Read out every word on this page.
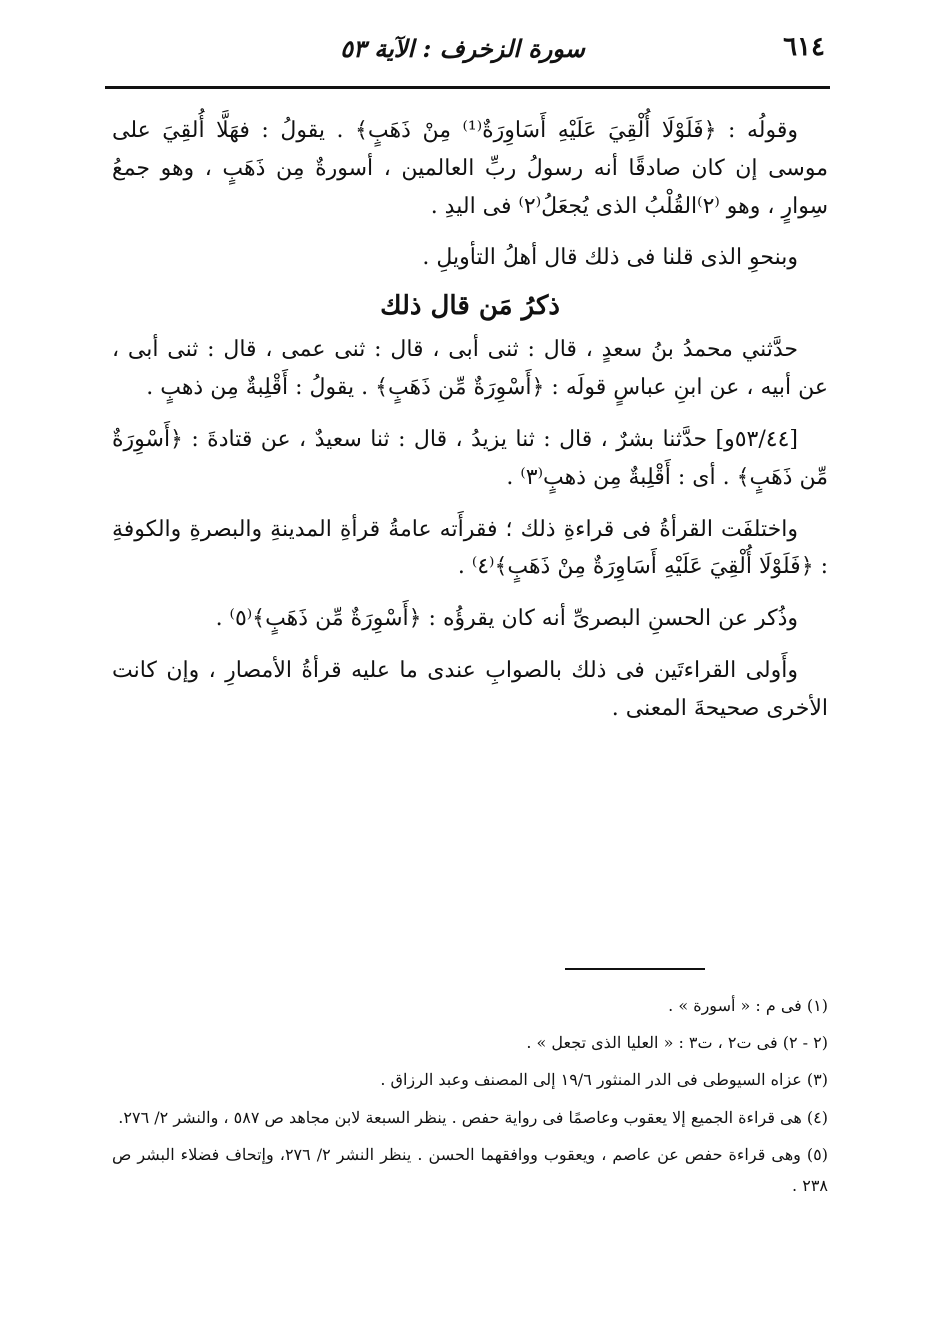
٦١٤
سورة الزخرف : الآية ٥٣

وقولُه : ﴿فَلَوْلَا أُلْقِيَ عَلَيْهِ أَسَاوِرَةٌ⁽¹⁾ مِنْ ذَهَبٍ﴾ . يقولُ : فهَلَّا أُلقِيَ على موسى إن كان صادقًا أنه رسولُ ربِّ العالمين ، أسورةٌ مِن ذَهَبٍ ، وهو جمعُ سِوارٍ ، وهو ⁽٢⁾القُلْبُ الذى يُجعَلُ⁽٢⁾ فى اليدِ .

وبنحوِ الذى قلنا فى ذلك قال أهلُ التأويلِ .

ذكرُ مَن قال ذلك

حدَّثني محمدُ بنُ سعدٍ ، قال : ثنى أبى ، قال : ثنى عمى ، قال : ثنى أبى ، عن أبيه ، عن ابنِ عباسٍ قولَه : ﴿أَسْوِرَةٌ مِّن ذَهَبٍ﴾ . يقولُ : أَقْلِبةٌ مِن ذهبٍ .

[٥٣/٤٤و] حدَّثنا بشرٌ ، قال : ثنا يزيدُ ، قال : ثنا سعيدٌ ، عن قتادةَ : ﴿أَسْوِرَةٌ مِّن ذَهَبٍ﴾ . أى : أَقْلِبةٌ مِن ذهبٍ⁽٣⁾ .

واختلفَت القرأةُ فى قراءةِ ذلك ؛ فقرأَته عامةُ قرأةِ المدينةِ والبصرةِ والكوفةِ : ﴿فَلَوْلَا أُلْقِيَ عَلَيْهِ أَسَاوِرَةٌ مِنْ ذَهَبٍ﴾⁽٤⁾ .

وذُكر عن الحسنِ البصرىِّ أنه كان يقرؤُه : ﴿أَسْوِرَةٌ مِّن ذَهَبٍ﴾⁽٥⁾ .

وأَولى القراءتَين فى ذلك بالصوابِ عندى ما عليه قرأةُ الأمصارِ ، وإن كانت الأخرى صحيحةَ المعنى .

(١) فى م : « أسورة » .

(٢ - ٢) فى ت٢ ، ت٣ : « العليا الذى تجعل » .

(٣) عزاه السيوطى فى الدر المنثور ١٩/٦ إلى المصنف وعبد الرزاق .

(٤) هى قراءة الجميع إلا يعقوب وعاصمًا فى رواية حفص . ينظر السبعة لابن مجاهد ص ٥٨٧ ، والنشر ٢/ ٢٧٦.

(٥) وهى قراءة حفص عن عاصم ، ويعقوب ووافقهما الحسن . ينظر النشر ٢/ ٢٧٦، وإتحاف فضلاء البشر ص ٢٣٨ .
